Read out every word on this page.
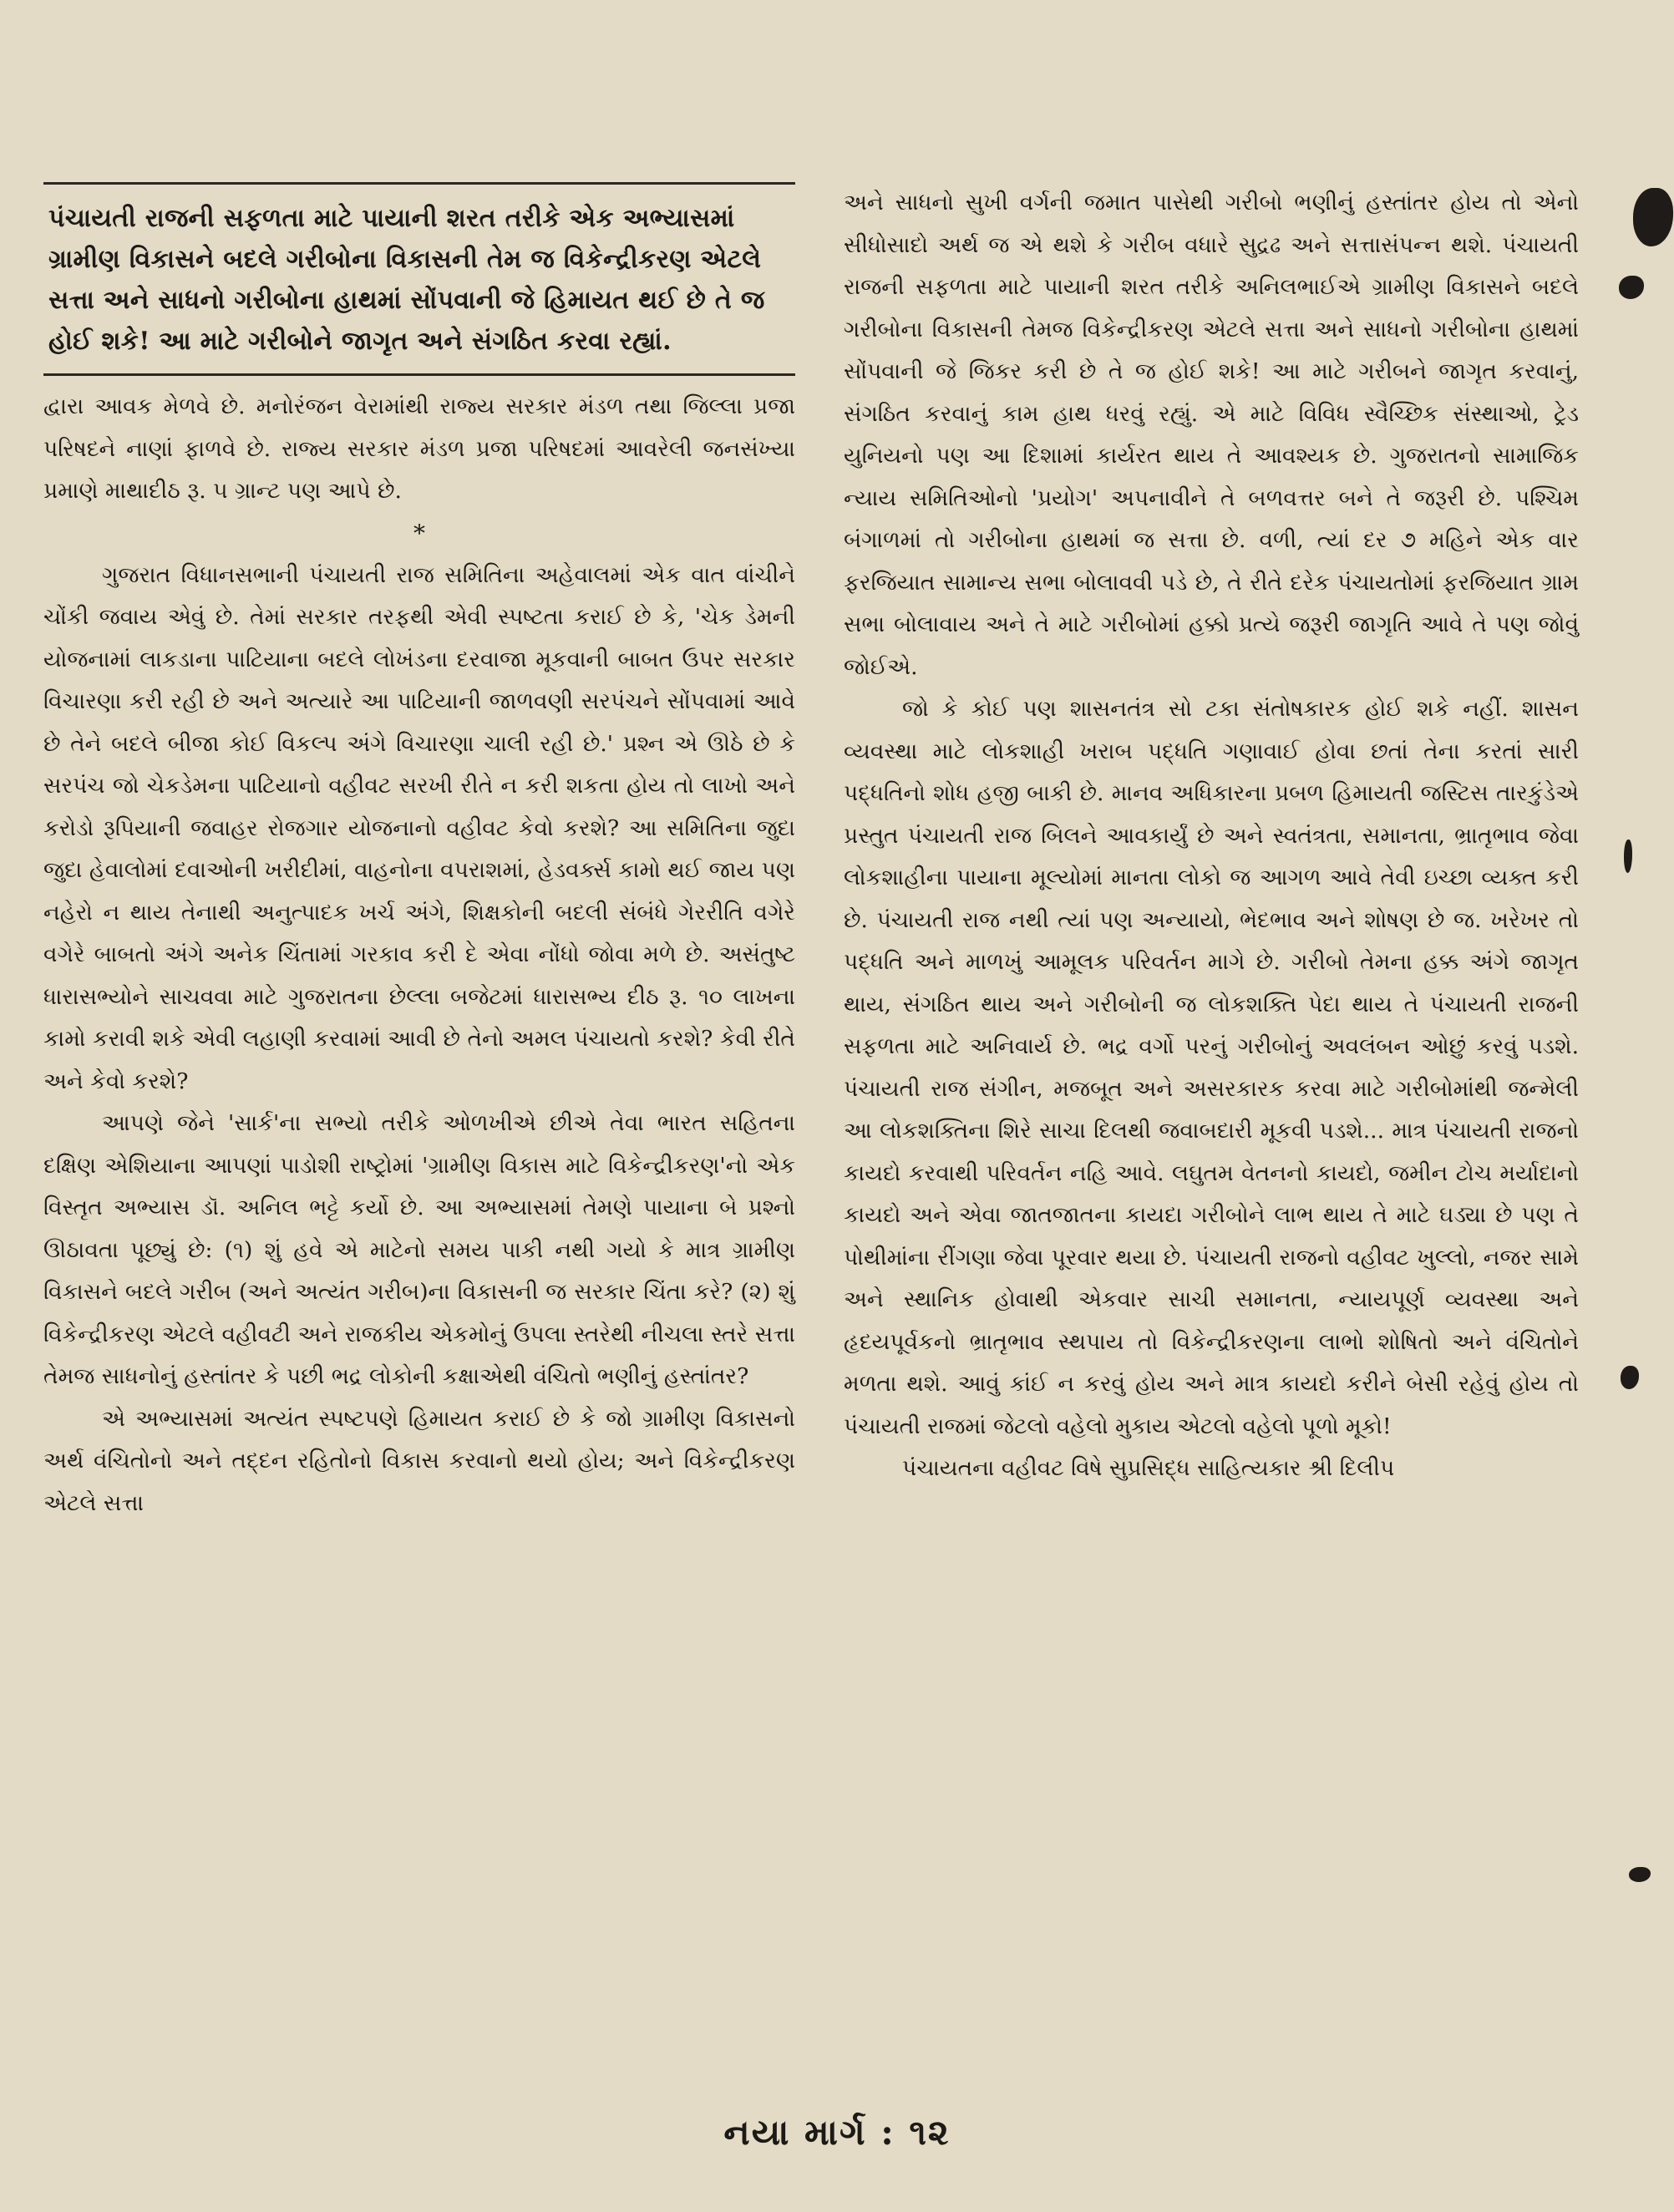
પંચાયતી રાજની સફળતા માટે પાયાની શરત તરીકે એક અભ્યાસમાં ગ્રામીણ વિકાસને બદલે ગરીબોના વિકાસની તેમ જ વિકેન્દ્રીકરણ એટલે સત્તા અને સાધનો ગરીબોના હાથમાં સોંપવાની જે હિમાયત થઈ છે તે જ હોઈ શકે! આ માટે ગરીબોને જાગૃત અને સંગઠિત કરવા રહ્યાં.

દ્વારા આવક મેળવે છે. મનોરંજન વેરામાંથી રાજ્ય સરકાર મંડળ તથા જિલ્લા પ્રજા પરિષદને નાણાં ફાળવે છે. રાજ્ય સરકાર મંડળ પ્રજા પરિષદમાં આવરેલી જનસંખ્યા પ્રમાણે માથાદીઠ રૂ. ૫ ગ્રાન્ટ પણ આપે છે.

*

ગુજરાત વિધાનસભાની પંચાયતી રાજ સમિતિના અહેવાલમાં એક વાત વાંચીને ચોંકી જવાય એવું છે. તેમાં સરકાર તરફથી એવી સ્પષ્ટતા કરાઈ છે કે, 'ચેક ડેમની યોજનામાં લાકડાના પાટિયાના બદલે લોખંડના દરવાજા મૂકવાની બાબત ઉપર સરકાર વિચારણા કરી રહી છે અને અત્યારે આ પાટિયાની જાળવણી સરપંચને સોંપવામાં આવે છે તેને બદલે બીજા કોઈ વિકલ્પ અંગે વિચારણા ચાલી રહી છે.' પ્રશ્ન એ ઊઠે છે કે સરપંચ જો ચેકડેમના પાટિયાનો વહીવટ સરખી રીતે ન કરી શકતા હોય તો લાખો અને કરોડો રૂપિયાની જવાહર રોજગાર યોજનાનો વહીવટ કેવો કરશે? આ સમિતિના જુદા જુદા હેવાલોમાં દવાઓની ખરીદીમાં, વાહનોના વપરાશમાં, હેડવર્ક્સ કામો થઈ જાય પણ નહેરો ન થાય તેનાથી અનુત્પાદક ખર્ચ અંગે, શિક્ષકોની બદલી સંબંધે ગેરરીતિ વગેરે વગેરે બાબતો અંગે અનેક ચિંતામાં ગરકાવ કરી દે એવા નોંધો જોવા મળે છે. અસંતુષ્ટ ધારાસભ્યોને સાચવવા માટે ગુજરાતના છેલ્લા બજેટમાં ધારાસભ્ય દીઠ રૂ. ૧૦ લાખના કામો કરાવી શકે એવી લહાણી કરવામાં આવી છે તેનો અમલ પંચાયતો કરશે? કેવી રીતે અને કેવો કરશે?

આપણે જેને 'સાર્ક'ના સભ્યો તરીકે ઓળખીએ છીએ તેવા ભારત સહિતના દક્ષિણ એશિયાના આપણાં પાડોશી રાષ્ટ્રોમાં 'ગ્રામીણ વિકાસ માટે વિકેન્દ્રીકરણ'નો એક વિસ્તૃત અભ્યાસ ડૉ. અનિલ ભટ્ટે કર્યો છે. આ અભ્યાસમાં તેમણે પાયાના બે પ્રશ્નો ઊઠાવતા પૂછ્યું છે: (૧) શું હવે એ માટેનો સમય પાકી નથી ગયો કે માત્ર ગ્રામીણ વિકાસને બદલે ગરીબ (અને અત્યંત ગરીબ)ના વિકાસની જ સરકાર ચિંતા કરે? (૨) શું વિકેન્દ્રીકરણ એટલે વહીવટી અને રાજકીય એકમોનું ઉપલા સ્તરેથી નીચલા સ્તરે સત્તા તેમજ સાધનોનું હસ્તાંતર કે પછી ભદ્ર લોકોની કક્ષાએથી વંચિતો ભણીનું હસ્તાંતર?

એ અભ્યાસમાં અત્યંત સ્પષ્ટપણે હિમાયત કરાઈ છે કે જો ગ્રામીણ વિકાસનો અર્થ વંચિતોનો અને તદ્દન રહિતોનો વિકાસ કરવાનો થયો હોય; અને વિકેન્દ્રીકરણ એટલે સત્તા

અને સાધનો સુખી વર્ગની જમાત પાસેથી ગરીબો ભણીનું હસ્તાંતર હોય તો એનો સીધોસાદો અર્થ જ એ થશે કે ગરીબ વધારે સુદ્રઢ અને સત્તાસંપન્ન થશે. પંચાયતી રાજની સફળતા માટે પાયાની શરત તરીકે અનિલભાઈએ ગ્રામીણ વિકાસને બદલે ગરીબોના વિકાસની તેમજ વિકેન્દ્રીકરણ એટલે સત્તા અને સાધનો ગરીબોના હાથમાં સોંપવાની જે જિકર કરી છે તે જ હોઈ શકે! આ માટે ગરીબને જાગૃત કરવાનું, સંગઠિત કરવાનું કામ હાથ ધરવું રહ્યું. એ માટે વિવિધ સ્વૈચ્છિક સંસ્થાઓ, ટ્રેડ યુનિયનો પણ આ દિશામાં કાર્યરત થાય તે આવશ્યક છે. ગુજરાતનો સામાજિક ન્યાય સમિતિઓનો 'પ્રયોગ' અપનાવીને તે બળવત્તર બને તે જરૂરી છે. પશ્ચિમ બંગાળમાં તો ગરીબોના હાથમાં જ સત્તા છે. વળી, ત્યાં દર ૭ મહિને એક વાર ફરજિયાત સામાન્ય સભા બોલાવવી પડે છે, તે રીતે દરેક પંચાયતોમાં ફરજિયાત ગ્રામ સભા બોલાવાય અને તે માટે ગરીબોમાં હક્કો પ્રત્યે જરૂરી જાગૃતિ આવે તે પણ જોવું જોઈએ.

જો કે કોઈ પણ શાસનતંત્ર સો ટકા સંતોષકારક હોઈ શકે નહીં. શાસન વ્યવસ્થા માટે લોકશાહી ખરાબ પદ્ધતિ ગણાવાઈ હોવા છતાં તેના કરતાં સારી પદ્ધતિનો શોધ હજી બાકી છે. માનવ અધિકારના પ્રબળ હિમાયતી જસ્ટિસ તારકુંડેએ પ્રસ્તુત પંચાયતી રાજ બિલને આવકાર્યું છે અને સ્વતંત્રતા, સમાનતા, ભ્રાતૃભાવ જેવા લોકશાહીના પાયાના મૂલ્યોમાં માનતા લોકો જ આગળ આવે તેવી ઇચ્છા વ્યક્ત કરી છે. પંચાયતી રાજ નથી ત્યાં પણ અન્યાયો, ભેદભાવ અને શોષણ છે જ. ખરેખર તો પદ્ધતિ અને માળખું આમૂલક પરિવર્તન માગે છે. ગરીબો તેમના હક્ક અંગે જાગૃત થાય, સંગઠિત થાય અને ગરીબોની જ લોકશક્તિ પેદા થાય તે પંચાયતી રાજની સફળતા માટે અનિવાર્ય છે. ભદ્ર વર્ગો પરનું ગરીબોનું અવલંબન ઓછું કરવું પડશે. પંચાયતી રાજ સંગીન, મજબૂત અને અસરકારક કરવા માટે ગરીબોમાંથી જન્મેલી આ લોકશક્તિના શિરે સાચા દિલથી જવાબદારી મૂકવી પડશે... માત્ર પંચાયતી રાજનો કાયદો કરવાથી પરિવર્તન નહિ આવે. લઘુતમ વેતનનો કાયદો, જમીન ટોચ મર્યાદાનો કાયદો અને એવા જાતજાતના કાયદા ગરીબોને લાભ થાય તે માટે ઘડ્યા છે પણ તે પોથીમાંના રીંગણા જેવા પૂરવાર થયા છે. પંચાયતી રાજનો વહીવટ ખુલ્લો, નજર સામે અને સ્થાનિક હોવાથી એકવાર સાચી સમાનતા, ન્યાયપૂર્ણ વ્યવસ્થા અને હૃદયપૂર્વકનો ભ્રાતૃભાવ સ્થપાય તો વિકેન્દ્રીકરણના લાભો શોષિતો અને વંચિતોને મળતા થશે. આવું કાંઈ ન કરવું હોય અને માત્ર કાયદો કરીને બેસી રહેવું હોય તો પંચાયતી રાજમાં જેટલો વહેલો મુકાય એટલો વહેલો પૂળો મૂકો!

પંચાયતના વહીવટ વિષે સુપ્રસિદ્ધ સાહિત્યકાર શ્રી દિલીપ

નયા માર્ગ : ૧૨
